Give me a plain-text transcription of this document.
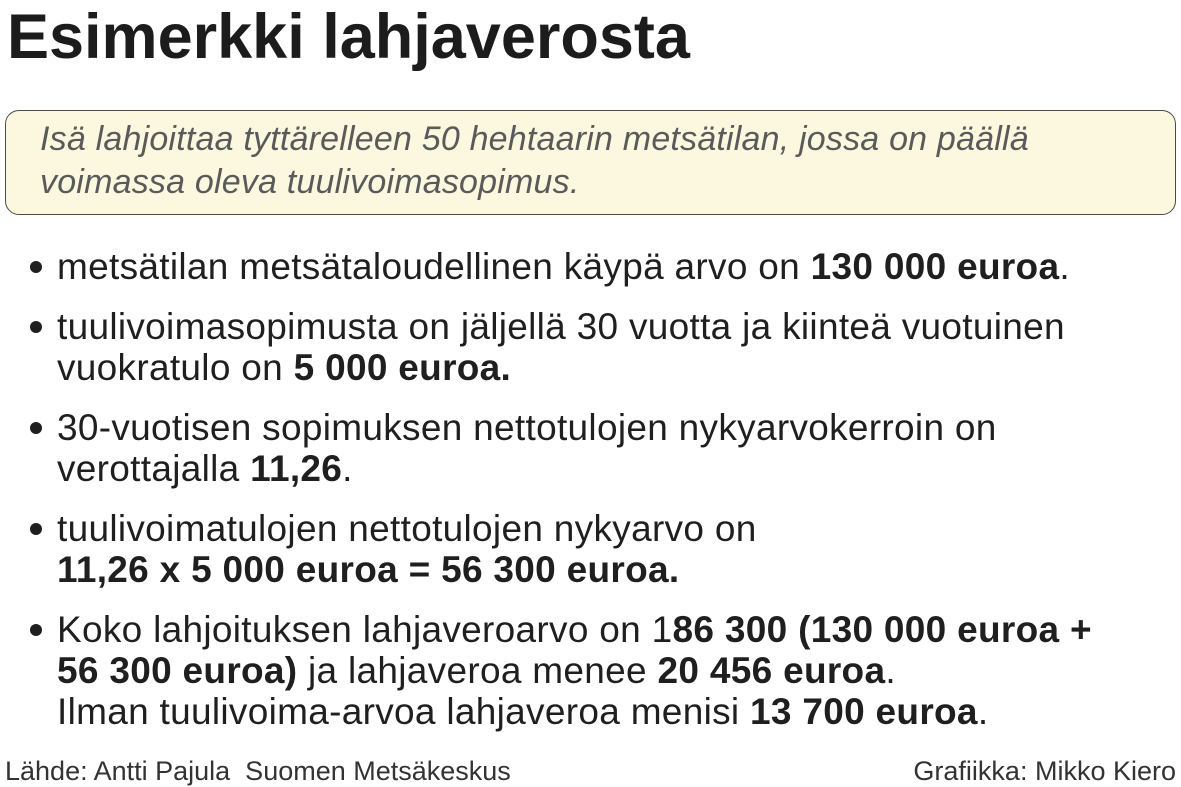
Esimerkki lahjaverosta
Isä lahjoittaa tyttärelleen 50 hehtaarin metsätilan, jossa on päällä
voimassa oleva tuulivoimasopimus.
metsätilan metsätaloudellinen käypä arvo on 130 000 euroa.
tuulivoimasopimusta on jäljellä 30 vuotta ja kiinteä vuotuinen
vuokratulo on 5 000 euroa.
30-vuotisen sopimuksen nettotulojen nykyarvokerroin on
verottajalla 11,26.
tuulivoimatulojen nettotulojen nykyarvo on
11,26 x 5 000 euroa = 56 300 euroa.
Koko lahjoituksen lahjaveroarvo on 186 300 (130 000 euroa +
56 300 euroa) ja lahjaveroa menee 20 456 euroa.
Ilman tuulivoima-arvoa lahjaveroa menisi 13 700 euroa.
Lähde: Antti Pajula  Suomen Metsäkeskus	Grafiikka: Mikko Kiero
